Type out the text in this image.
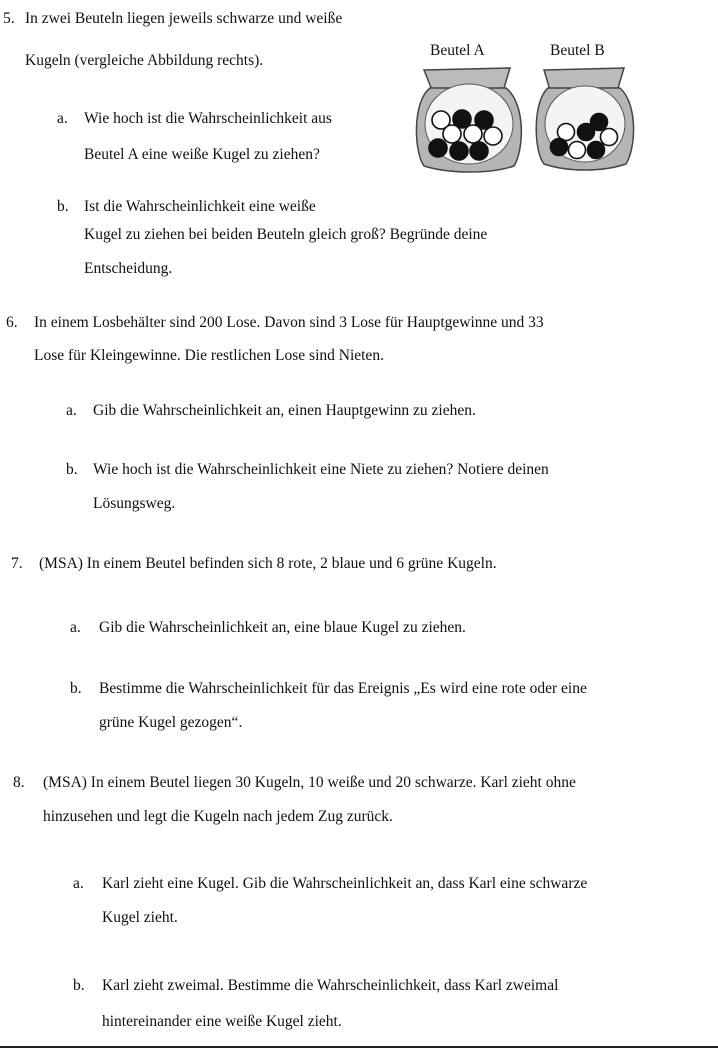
5. In zwei Beuteln liegen jeweils schwarze und weiße
Kugeln (vergleiche Abbildung rechts).
Beutel A	Beutel B
a. Wie hoch ist die Wahrscheinlichkeit aus
Beutel A eine weiße Kugel zu ziehen?
b. Ist die Wahrscheinlichkeit eine weiße
Kugel zu ziehen bei beiden Beuteln gleich groß? Begründe deine
Entscheidung.
6. In einem Losbehälter sind 200 Lose. Davon sind 3 Lose für Hauptgewinne und 33
Lose für Kleingewinne. Die restlichen Lose sind Nieten.
a. Gib die Wahrscheinlichkeit an, einen Hauptgewinn zu ziehen.
b. Wie hoch ist die Wahrscheinlichkeit eine Niete zu ziehen? Notiere deinen
Lösungsweg.
7. (MSA) In einem Beutel befinden sich 8 rote, 2 blaue und 6 grüne Kugeln.
a. Gib die Wahrscheinlichkeit an, eine blaue Kugel zu ziehen.
b. Bestimme die Wahrscheinlichkeit für das Ereignis „Es wird eine rote oder eine
grüne Kugel gezogen“.
8. (MSA) In einem Beutel liegen 30 Kugeln, 10 weiße und 20 schwarze. Karl zieht ohne
hinzusehen und legt die Kugeln nach jedem Zug zurück.
a. Karl zieht eine Kugel. Gib die Wahrscheinlichkeit an, dass Karl eine schwarze
Kugel zieht.
b. Karl zieht zweimal. Bestimme die Wahrscheinlichkeit, dass Karl zweimal
hintereinander eine weiße Kugel zieht.
